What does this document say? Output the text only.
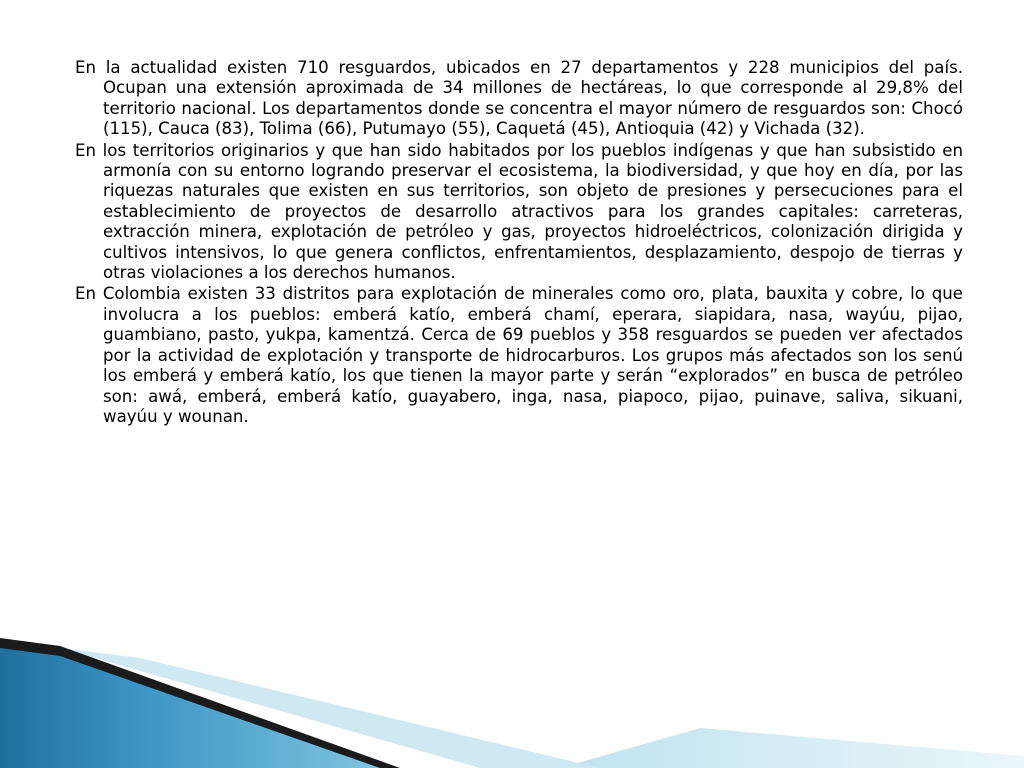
En la actualidad existen 710 resguardos, ubicados en 27 departamentos y 228 municipios del país. Ocupan una extensión aproximada de 34 millones de hectáreas, lo que corresponde al 29,8% del territorio nacional. Los departamentos donde se concentra el mayor número de resguardos son: Chocó (115), Cauca (83), Tolima (66), Putumayo (55), Caquetá (45), Antioquia (42) y Vichada (32).

En los territorios originarios y que han sido habitados por los pueblos indígenas y que han subsistido en armonía con su entorno logrando preservar el ecosistema, la biodiversidad, y que hoy en día, por las riquezas naturales que existen en sus territorios, son objeto de presiones y persecuciones para el establecimiento de proyectos de desarrollo atractivos para los grandes capitales: carreteras, extracción minera, explotación de petróleo y gas, proyectos hidroeléctricos, colonización dirigida y cultivos intensivos, lo que genera conflictos, enfrentamientos, desplazamiento, despojo de tierras y otras violaciones a los derechos humanos.

En Colombia existen 33 distritos para explotación de minerales como oro, plata, bauxita y cobre, lo que involucra a los pueblos: emberá katío, emberá chamí, eperara, siapidara, nasa, wayúu, pijao, guambiano, pasto, yukpa, kamentzá. Cerca de 69 pueblos y 358 resguardos se pueden ver afectados por la actividad de explotación y transporte de hidrocarburos. Los grupos más afectados son los senú los emberá y emberá katío, los que tienen la mayor parte y serán “explorados” en busca de petróleo son: awá, emberá, emberá katío, guayabero, inga, nasa, piapoco, pijao, puinave, saliva, sikuani, wayúu y wounan.
